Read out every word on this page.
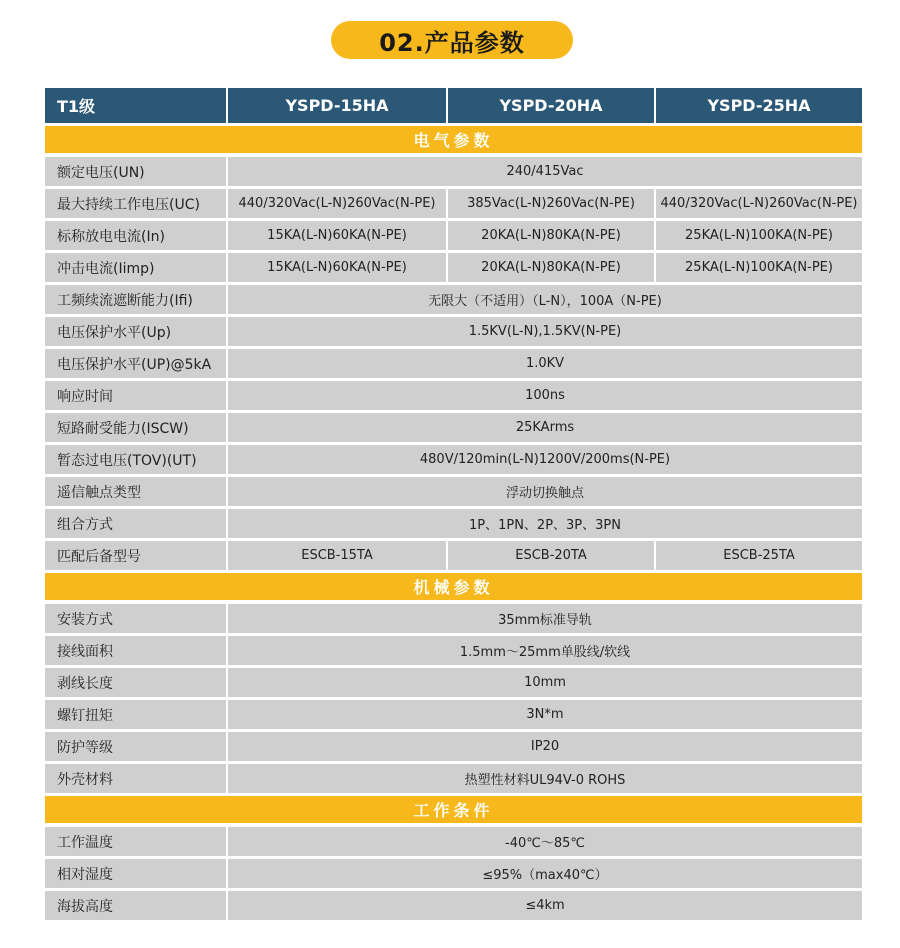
02.产品参数
T1级	YSPD-15HA	YSPD-20HA	YSPD-25HA
电气参数
额定电压(UN)	240/415Vac
最大持续工作电压(UC)	440/320Vac(L-N)260Vac(N-PE)	385Vac(L-N)260Vac(N-PE)	440/320Vac(L-N)260Vac(N-PE)
标称放电电流(In)	15KA(L-N)60KA(N-PE)	20KA(L-N)80KA(N-PE)	25KA(L-N)100KA(N-PE)
冲击电流(Iimp)	15KA(L-N)60KA(N-PE)	20KA(L-N)80KA(N-PE)	25KA(L-N)100KA(N-PE)
工频续流遮断能力(Ifi)	无限大（不适用）（L-N），100A（N-PE)
电压保护水平(Up)	1.5KV(L-N),1.5KV(N-PE)
电压保护水平(UP)@5kA	1.0KV
响应时间	100ns
短路耐受能力(ISCW)	25KArms
暂态过电压(TOV)(UT)	480V/120min(L-N)1200V/200ms(N-PE)
遥信触点类型	浮动切换触点
组合方式	1P、1PN、2P、3P、3PN
匹配后备型号	ESCB-15TA	ESCB-20TA	ESCB-25TA
机械参数
安装方式	35mm标准导轨
接线面积	1.5mm～25mm单股线/软线
剥线长度	10mm
螺钉扭矩	3N*m
防护等级	IP20
外壳材料	热塑性材料UL94V-0 ROHS
工作条件
工作温度	-40℃～85℃
相对湿度	≤95%（max40℃）
海拔高度	≤4km
